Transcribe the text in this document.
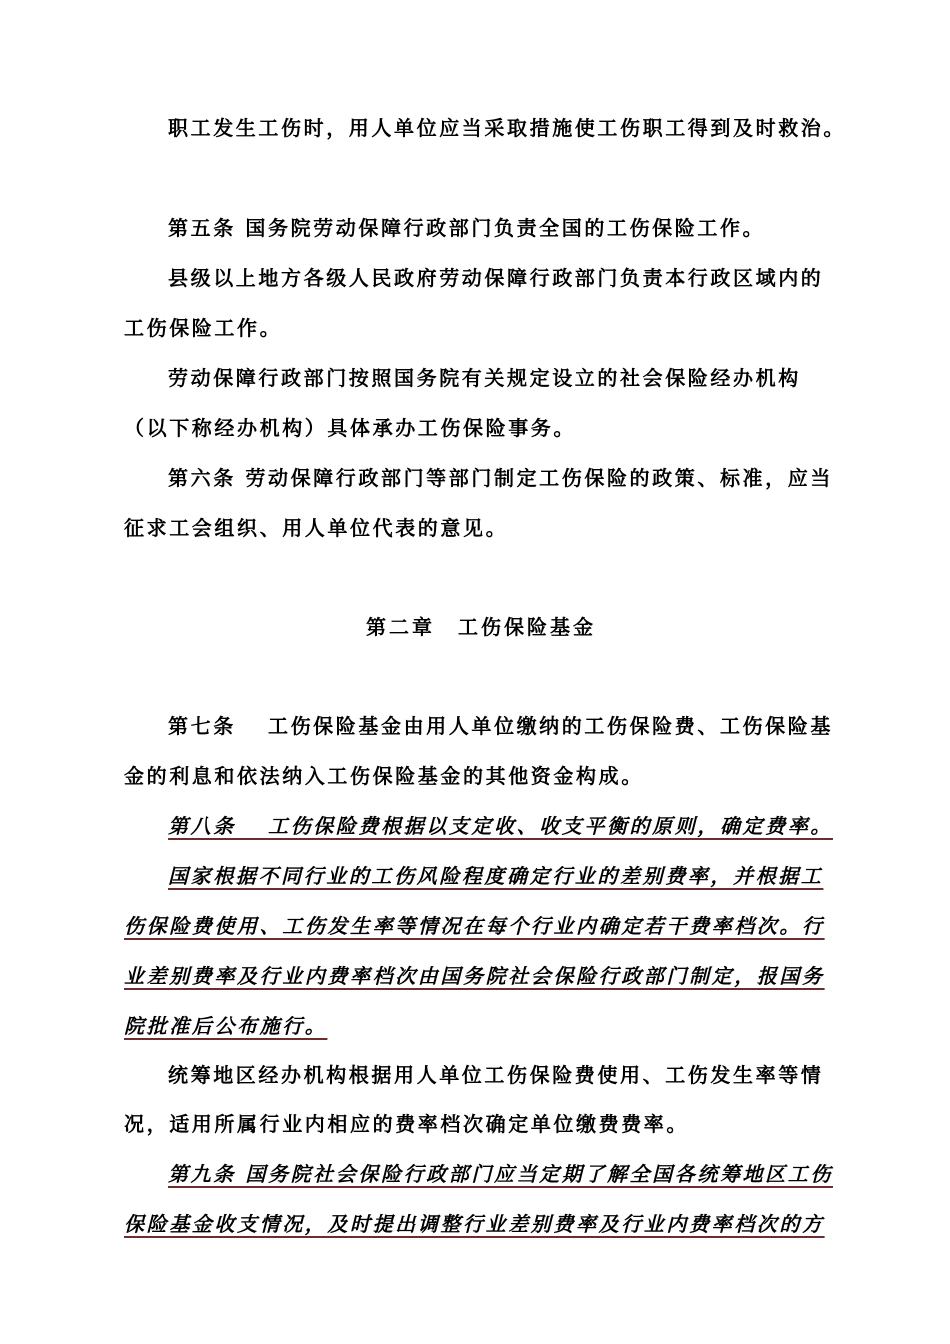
职工发生工伤时，用人单位应当采取措施使工伤职工得到及时救治。
第五条 国务院劳动保障行政部门负责全国的工伤保险工作。
县级以上地方各级人民政府劳动保障行政部门负责本行政区域内的
工伤保险工作。
劳动保障行政部门按照国务院有关规定设立的社会保险经办机构
（以下称经办机构）具体承办工伤保险事务。
第六条 劳动保障行政部门等部门制定工伤保险的政策、标准，应当
征求工会组织、用人单位代表的意见。
第二章　工伤保险基金
第七条　 工伤保险基金由用人单位缴纳的工伤保险费、工伤保险基
金的利息和依法纳入工伤保险基金的其他资金构成。
第八条　 工伤保险费根据以支定收、收支平衡的原则，确定费率。
国家根据不同行业的工伤风险程度确定行业的差别费率，并根据工
伤保险费使用、工伤发生率等情况在每个行业内确定若干费率档次。行
业差别费率及行业内费率档次由国务院社会保险行政部门制定，报国务
院批准后公布施行。
统筹地区经办机构根据用人单位工伤保险费使用、工伤发生率等情
况，适用所属行业内相应的费率档次确定单位缴费费率。
第九条 国务院社会保险行政部门应当定期了解全国各统筹地区工伤
保险基金收支情况，及时提出调整行业差别费率及行业内费率档次的方
